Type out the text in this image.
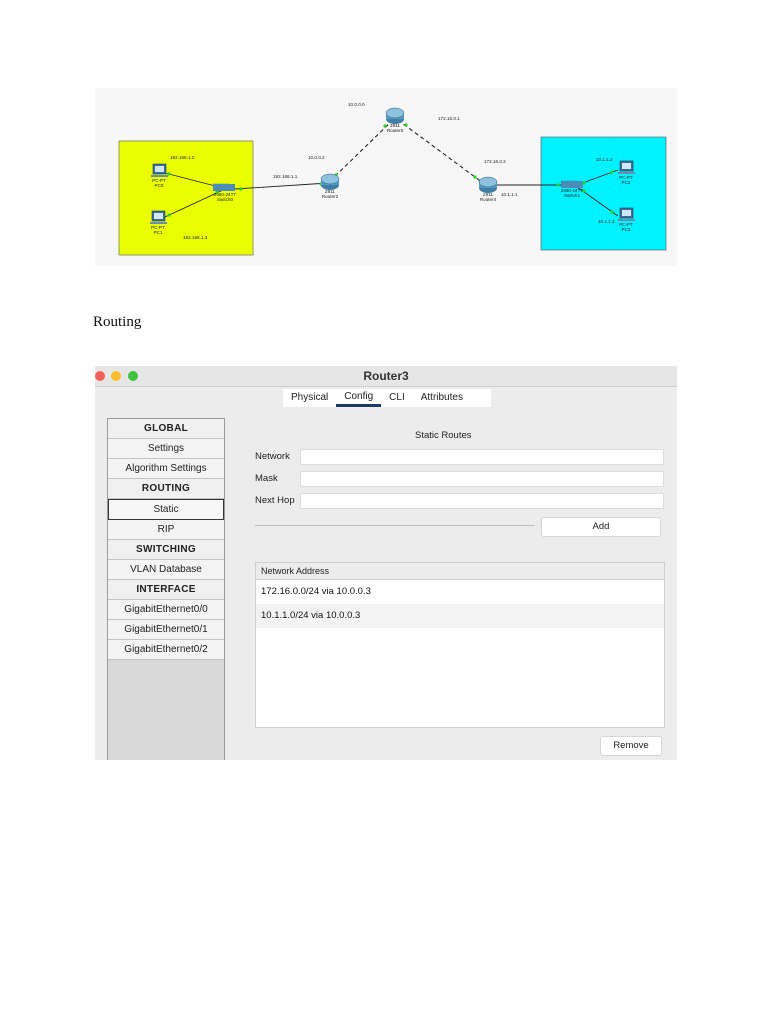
2911
Router5
2911
Router2	2911
Router4
2960-24TT
Switch0
2960-24TT
Switch1
PC-PT
PC0
PC-PT
PC1
PC-PT
PC2
PC-PT
PC3
10.0.0.0
172.16.0.1
10.0.0.2
192.168.1.1
172.16.0.2
10.1.1.1
192.168.1.2
192.168.1.3
10.1.1.2
10.1.1.3
Routing
Router3
Physical	Config	CLI	Attributes
GLOBAL
Settings
Algorithm Settings
ROUTING
Static
RIP
SWITCHING
VLAN Database
INTERFACE
GigabitEthernet0/0
GigabitEthernet0/1
GigabitEthernet0/2
Static Routes
Network
Mask
Next Hop
Add
Network Address
172.16.0.0/24 via 10.0.0.3
10.1.1.0/24 via 10.0.0.3
Remove
